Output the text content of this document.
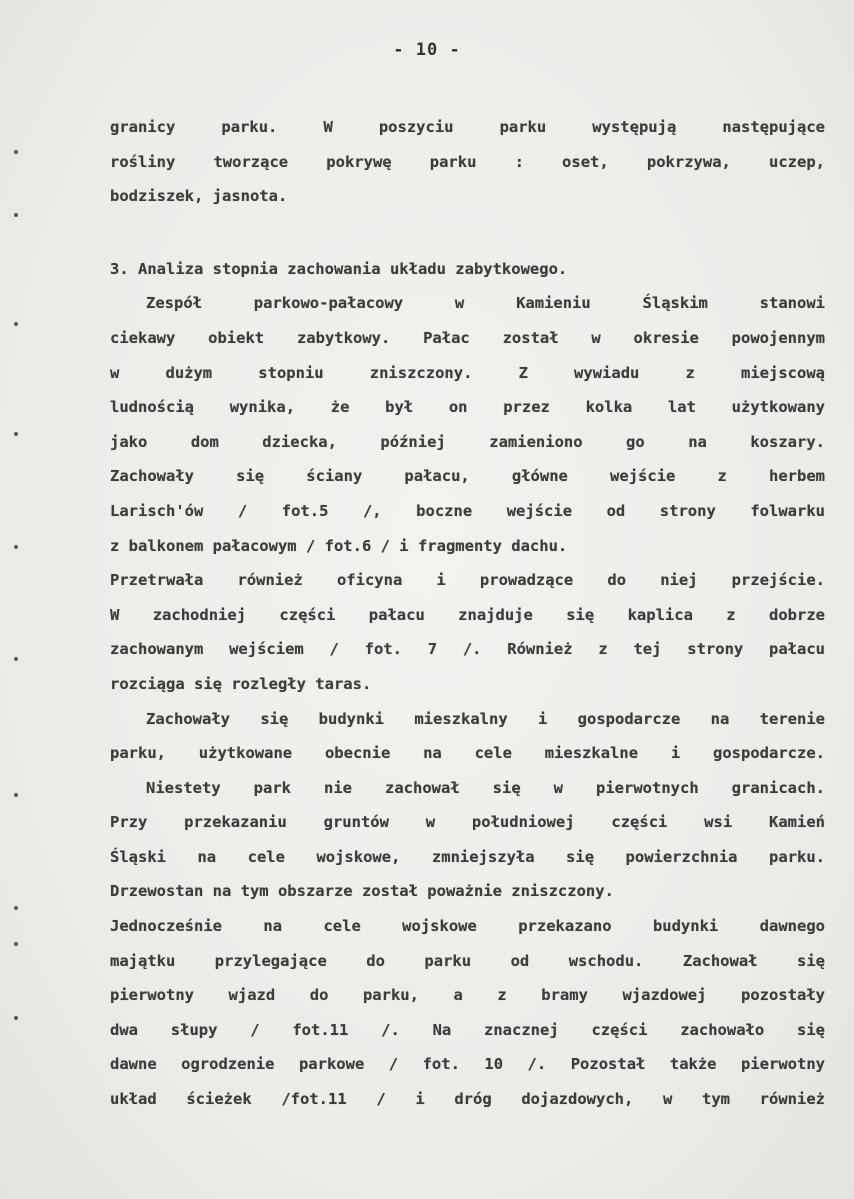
- 10 -
granicy parku. W poszyciu parku występują następujące
rośliny tworzące pokrywę parku : oset, pokrzywa, uczep,
bodziszek, jasnota.
3. Analiza stopnia zachowania układu zabytkowego.
Zespół parkowo-pałacowy w Kamieniu Śląskim stanowi
ciekawy obiekt zabytkowy. Pałac został w okresie powojennym
w dużym stopniu zniszczony. Z wywiadu z miejscową
ludnością wynika, że był on przez kolka lat użytkowany
jako dom dziecka, później zamieniono go na koszary.
Zachowały się ściany pałacu, główne wejście z herbem
Larisch'ów / fot.5 /, boczne wejście od strony folwarku
z balkonem pałacowym / fot.6 / i fragmenty dachu.
Przetrwała również oficyna i prowadzące do niej przejście.
W zachodniej części pałacu znajduje się kaplica z dobrze
zachowanym wejściem / fot. 7 /. Również z tej strony pałacu
rozciąga się rozległy taras.
Zachowały się budynki mieszkalny i gospodarcze na terenie
parku, użytkowane obecnie na cele mieszkalne i gospodarcze.
Niestety park nie zachował się w pierwotnych granicach.
Przy przekazaniu gruntów w południowej części wsi Kamień
Śląski na cele wojskowe, zmniejszyła się powierzchnia parku.
Drzewostan na tym obszarze został poważnie zniszczony.
Jednocześnie na cele wojskowe przekazano budynki dawnego
majątku przylegające do parku od wschodu. Zachował się
pierwotny wjazd do parku, a z bramy wjazdowej pozostały
dwa słupy / fot.11 /. Na znacznej części zachowało się
dawne ogrodzenie parkowe / fot. 10 /. Pozostał także pierwotny
układ ścieżek /fot.11 / i dróg dojazdowych, w tym również
